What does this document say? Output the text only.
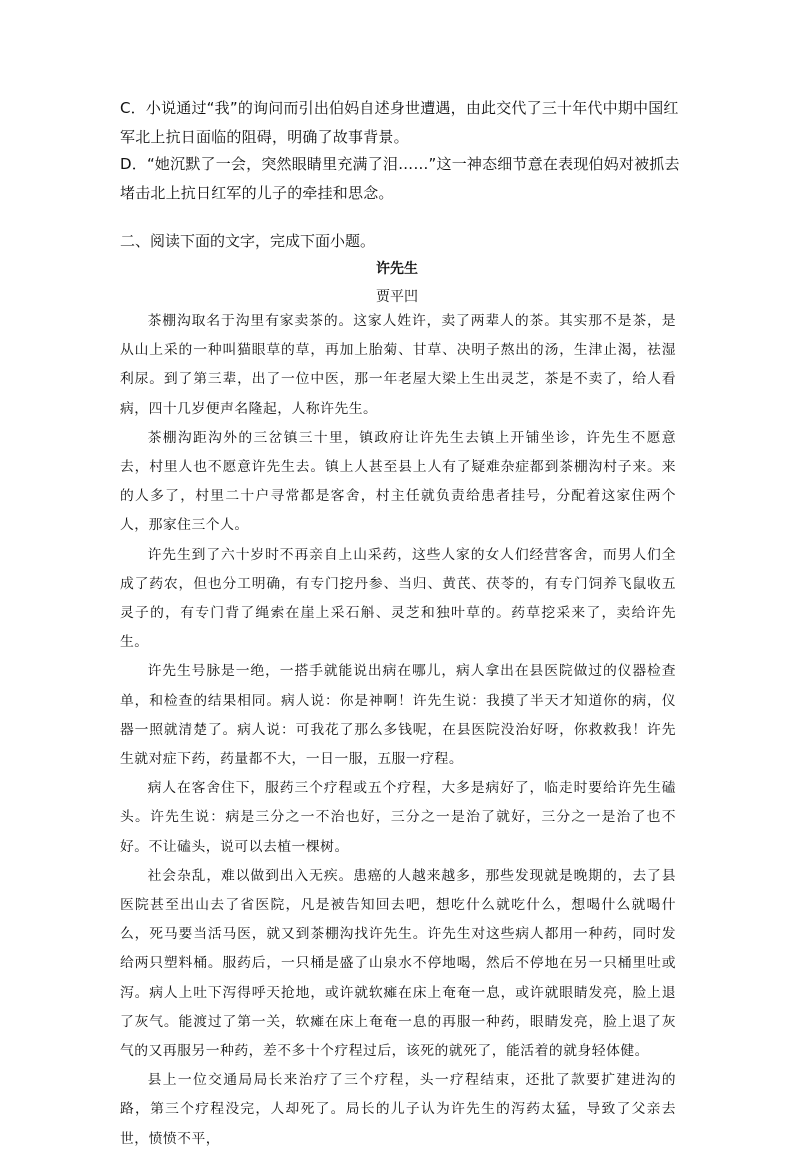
C．小说通过“我”的询问而引出伯妈自述身世遭遇，由此交代了三十年代中期中国红军北上抗日面临的阻碍，明确了故事背景。
D．“她沉默了一会，突然眼睛里充满了泪……”这一神态细节意在表现伯妈对被抓去堵击北上抗日红军的儿子的牵挂和思念。
二、阅读下面的文字，完成下面小题。
许先生
贾平凹

茶棚沟取名于沟里有家卖茶的。这家人姓许，卖了两辈人的茶。其实那不是茶，是从山上采的一种叫猫眼草的草，再加上胎菊、甘草、决明子熬出的汤，生津止渴，祛湿利尿。到了第三辈，出了一位中医，那一年老屋大梁上生出灵芝，茶是不卖了，给人看病，四十几岁便声名隆起，人称许先生。

茶棚沟距沟外的三岔镇三十里，镇政府让许先生去镇上开铺坐诊，许先生不愿意去，村里人也不愿意许先生去。镇上人甚至县上人有了疑难杂症都到茶棚沟村子来。来的人多了，村里二十户寻常都是客舍，村主任就负责给患者挂号，分配着这家住两个人，那家住三个人。

许先生到了六十岁时不再亲自上山采药，这些人家的女人们经营客舍，而男人们全成了药农，但也分工明确，有专门挖丹参、当归、黄芪、茯苓的，有专门饲养飞鼠收五灵子的，有专门背了绳索在崖上采石斛、灵芝和独叶草的。药草挖采来了，卖给许先生。

许先生号脉是一绝，一搭手就能说出病在哪儿，病人拿出在县医院做过的仪器检查单，和检查的结果相同。病人说：你是神啊！许先生说：我摸了半天才知道你的病，仪器一照就清楚了。病人说：可我花了那么多钱呢，在县医院没治好呀，你救救我！许先生就对症下药，药量都不大，一日一服，五服一疗程。

病人在客舍住下，服药三个疗程或五个疗程，大多是病好了，临走时要给许先生磕头。许先生说：病是三分之一不治也好，三分之一是治了就好，三分之一是治了也不好。不让磕头，说可以去植一棵树。

社会杂乱，难以做到出入无疾。患癌的人越来越多，那些发现就是晚期的，去了县医院甚至出山去了省医院，凡是被告知回去吧，想吃什么就吃什么，想喝什么就喝什么，死马要当活马医，就又到茶棚沟找许先生。许先生对这些病人都用一种药，同时发给两只塑料桶。服药后，一只桶是盛了山泉水不停地喝，然后不停地在另一只桶里吐或泻。病人上吐下泻得呼天抢地，或许就软瘫在床上奄奄一息，或许就眼睛发亮，脸上退了灰气。能渡过了第一关，软瘫在床上奄奄一息的再服一种药，眼睛发亮，脸上退了灰气的又再服另一种药，差不多十个疗程过后，该死的就死了，能活着的就身轻体健。

县上一位交通局局长来治疗了三个疗程，头一疗程结束，还批了款要扩建进沟的路，第三个疗程没完，人却死了。局长的儿子认为许先生的泻药太猛，导致了父亲去世，愤愤不平，
